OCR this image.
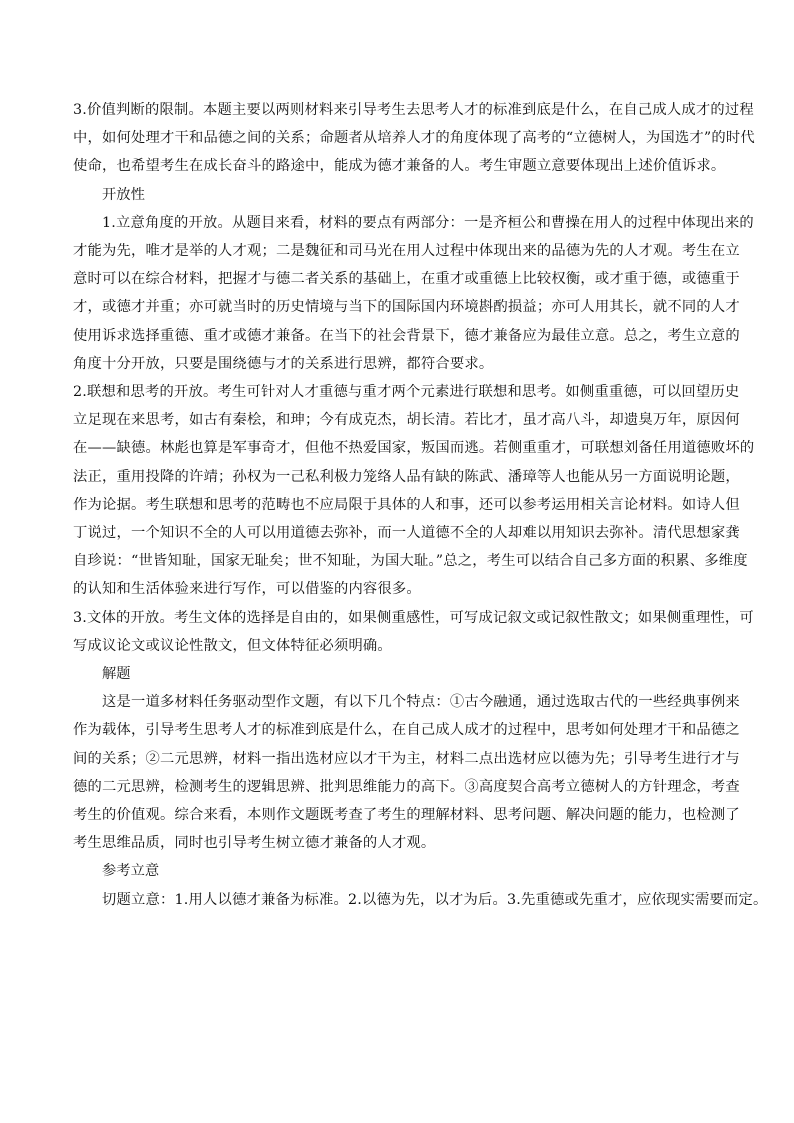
3.价值判断的限制。本题主要以两则材料来引导考生去思考人才的标准到底是什么，在自己成人成才的过程
中，如何处理才干和品德之间的关系；命题者从培养人才的角度体现了高考的“立德树人，为国选才”的时代
使命，也希望考生在成长奋斗的路途中，能成为德才兼备的人。考生审题立意要体现出上述价值诉求。

开放性

1.立意角度的开放。从题目来看，材料的要点有两部分：一是齐桓公和曹操在用人的过程中体现出来的
才能为先，唯才是举的人才观；二是魏征和司马光在用人过程中体现出来的品德为先的人才观。考生在立
意时可以在综合材料，把握才与德二者关系的基础上，在重才或重德上比较权衡，或才重于德，或德重于
才，或德才并重；亦可就当时的历史情境与当下的国际国内环境斟酌损益；亦可人用其长，就不同的人才
使用诉求选择重德、重才或德才兼备。在当下的社会背景下，德才兼备应为最佳立意。总之，考生立意的
角度十分开放，只要是围绕德与才的关系进行思辨，都符合要求。

2.联想和思考的开放。考生可针对人才重德与重才两个元素进行联想和思考。如侧重重德，可以回望历史
立足现在来思考，如古有秦桧，和珅；今有成克杰，胡长清。若比才，虽才高八斗，却遗臭万年，原因何
在——缺德。林彪也算是军事奇才，但他不热爱国家，叛国而逃。若侧重重才，可联想刘备任用道德败坏的
法正，重用投降的许靖；孙权为一己私利极力笼络人品有缺的陈武、潘璋等人也能从另一方面说明论题，
作为论据。考生联想和思考的范畴也不应局限于具体的人和事，还可以参考运用相关言论材料。如诗人但
丁说过，一个知识不全的人可以用道德去弥补，而一人道德不全的人却难以用知识去弥补。清代思想家龚
自珍说：“世皆知耻，国家无耻矣；世不知耻，为国大耻。”总之，考生可以结合自己多方面的积累、多维度
的认知和生活体验来进行写作，可以借鉴的内容很多。

3.文体的开放。考生文体的选择是自由的，如果侧重感性，可写成记叙文或记叙性散文；如果侧重理性，可
写成议论文或议论性散文，但文体特征必须明确。

解题

这是一道多材料任务驱动型作文题，有以下几个特点：①古今融通，通过选取古代的一些经典事例来
作为载体，引导考生思考人才的标准到底是什么，在自己成人成才的过程中，思考如何处理才干和品德之
间的关系；②二元思辨，材料一指出选材应以才干为主，材料二点出选材应以德为先；引导考生进行才与
德的二元思辨，检测考生的逻辑思辨、批判思维能力的高下。③高度契合高考立德树人的方针理念，考查
考生的价值观。综合来看，本则作文题既考查了考生的理解材料、思考问题、解决问题的能力，也检测了
考生思维品质，同时也引导考生树立德才兼备的人才观。

参考立意

切题立意：1.用人以德才兼备为标准。2.以德为先，以才为后。3.先重德或先重才，应依现实需要而定。
